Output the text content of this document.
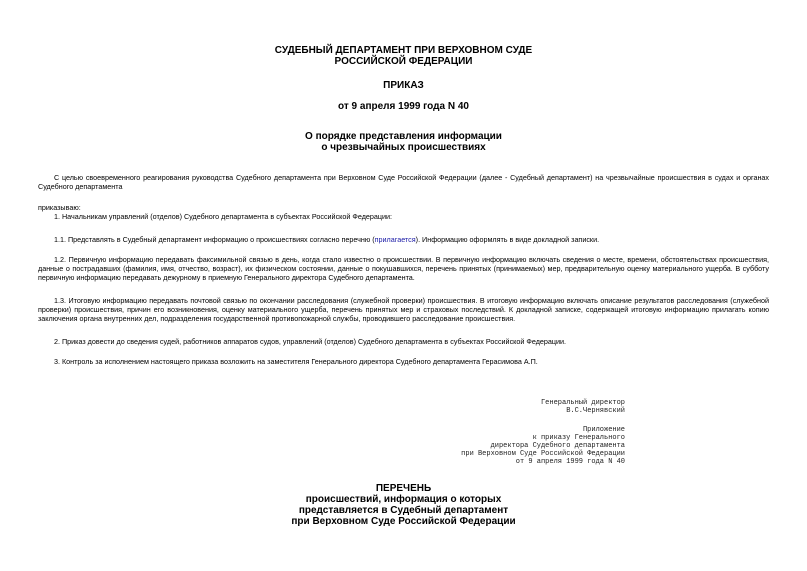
СУДЕБНЫЙ ДЕПАРТАМЕНТ ПРИ ВЕРХОВНОМ СУДЕ
РОССИЙСКОЙ ФЕДЕРАЦИИ
ПРИКАЗ
от 9 апреля 1999 года N 40
О порядке представления информации
о чрезвычайных происшествиях
С целью своевременного реагирования руководства Судебного департамента при Верховном Суде Российской Федерации (далее - Судебный департамент) на чрезвычайные происшествия в судах и органах Судебного департамента
приказываю:
1. Начальникам управлений (отделов) Судебного департамента в субъектах Российской Федерации:
1.1. Представлять в Судебный департамент информацию о происшествиях согласно перечню (прилагается). Информацию оформлять в виде докладной записки.
1.2. Первичную информацию передавать факсимильной связью в день, когда стало известно о происшествии. В первичную информацию включать сведения о месте, времени, обстоятельствах происшествия, данные о пострадавших (фамилия, имя, отчество, возраст), их физическом состоянии, данные о покушавшихся, перечень принятых (принимаемых) мер, предварительную оценку материального ущерба. В субботу первичную информацию передавать дежурному в приемную Генерального директора Судебного департамента.
1.3. Итоговую информацию передавать почтовой связью по окончании расследования (служебной проверки) происшествия. В итоговую информацию включать описание результатов расследования (служебной проверки) происшествия, причин его возникновения, оценку материального ущерба, перечень принятых мер и страховых последствий. К докладной записке, содержащей итоговую информацию прилагать копию заключения органа внутренних дел, подразделения государственной противопожарной службы, проводившего расследование происшествия.
2. Приказ довести до сведения судей, работников аппаратов судов, управлений (отделов) Судебного департамента в субъектах Российской Федерации.
3. Контроль за исполнением настоящего приказа возложить на заместителя Генерального директора Судебного департамента Герасимова А.П.
Генеральный директор
В.С.Чернявский
Приложение
к приказу Генерального
директора Судебного департамента
при Верховном Суде Российской Федерации
от 9 апреля 1999 года N 40
ПЕРЕЧЕНЬ
происшествий, информация о которых
представляется в Судебный департамент
при Верховном Суде Российской Федерации
